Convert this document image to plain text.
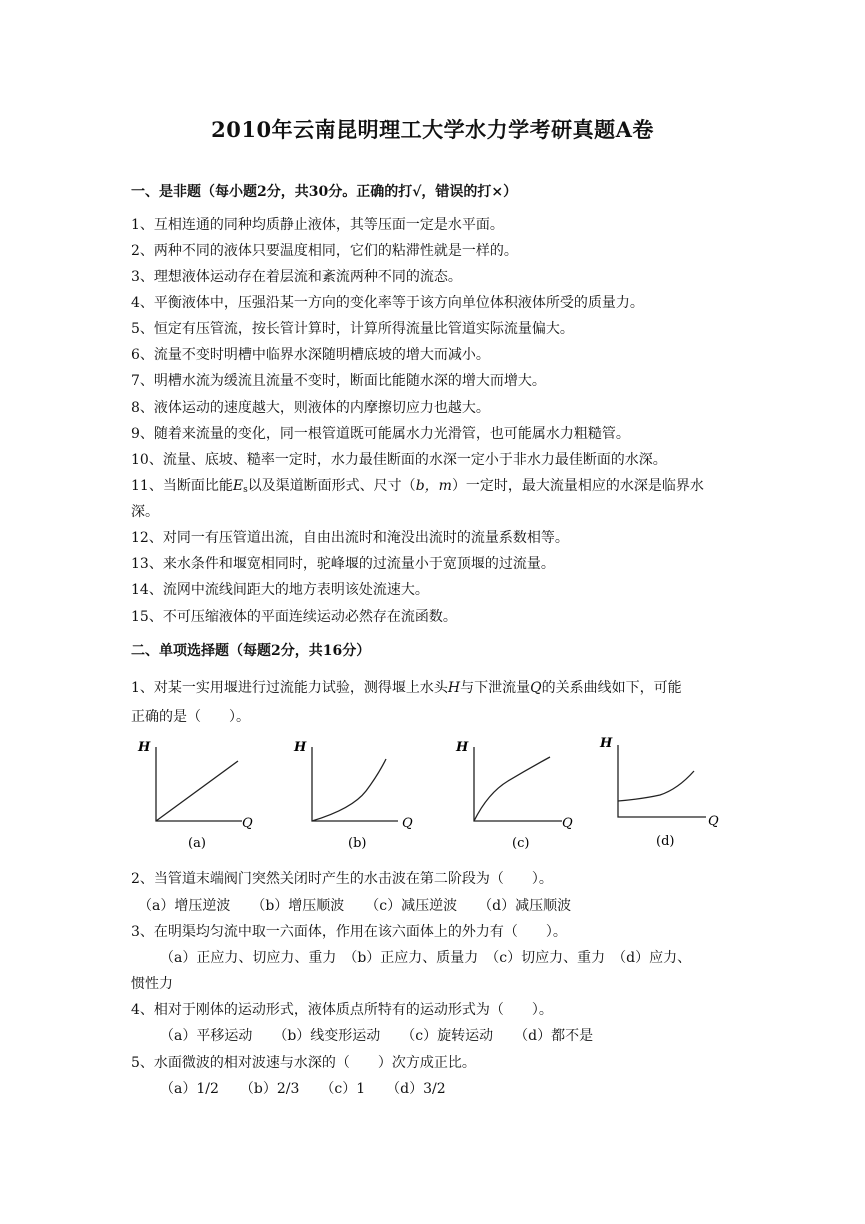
2010年云南昆明理工大学水力学考研真题A卷
一、是非题（每小题2分，共30分。正确的打√，错误的打×）
1、互相连通的同种均质静止液体，其等压面一定是水平面。
2、两种不同的液体只要温度相同，它们的粘滞性就是一样的。
3、理想液体运动存在着层流和紊流两种不同的流态。
4、平衡液体中，压强沿某一方向的变化率等于该方向单位体积液体所受的质量力。
5、恒定有压管流，按长管计算时，计算所得流量比管道实际流量偏大。
6、流量不变时明槽中临界水深随明槽底坡的增大而减小。
7、明槽水流为缓流且流量不变时，断面比能随水深的增大而增大。
8、液体运动的速度越大，则液体的内摩擦切应力也越大。
9、随着来流量的变化，同一根管道既可能属水力光滑管，也可能属水力粗糙管。
10、流量、底坡、糙率一定时，水力最佳断面的水深一定小于非水力最佳断面的水深。
11、当断面比能$E_s$以及渠道断面形式、尺寸（b，m）一定时，最大流量相应的水深是临界水
深。
12、对同一有压管道出流，自由出流时和淹没出流时的流量系数相等。
13、来水条件和堰宽相同时，驼峰堰的过流量小于宽顶堰的过流量。
14、流网中流线间距大的地方表明该处流速大。
15、不可压缩液体的平面连续运动必然存在流函数。
二、单项选择题（每题2分，共16分）
1、对某一实用堰进行过流能力试验，测得堰上水头H与下泄流量Q的关系曲线如下，可能
正确的是（　　）。
H
Q
(a)
H
Q
(b)
H
Q
(c)
H
Q
(d)
2、当管道末端阀门突然关闭时产生的水击波在第二阶段为（　　）。
（a）增压逆波　　（b）增压顺波　　（c）减压逆波　　（d）减压顺波
3、在明渠均匀流中取一六面体，作用在该六面体上的外力有（　　）。
（a）正应力、切应力、重力　（b）正应力、质量力　（c）切应力、重力　（d）应力、
惯性力
4、相对于刚体的运动形式，液体质点所特有的运动形式为（　　）。
（a）平移运动　　（b）线变形运动　　（c）旋转运动　　（d）都不是
5、水面微波的相对波速与水深的（　　）次方成正比。
（a）1/2　　（b）2/3　　（c）1　　（d）3/2
